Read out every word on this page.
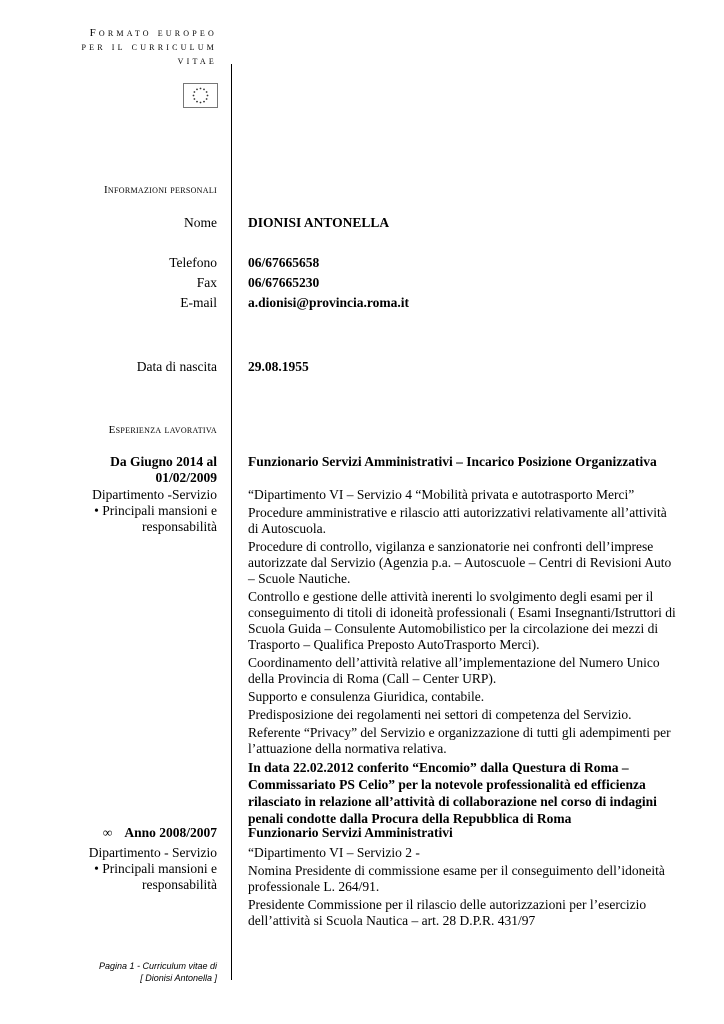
Formato europeo
per il curriculum
vitae
Informazioni personali
Nome DIONISI ANTONELLA
Telefono 06/67665658
Fax 06/67665230
E-mail a.dionisi@provincia.roma.it
Data di nascita 29.08.1955
Esperienza lavorativa
Da Giugno 2014 al
01/02/2009
Funzionario Servizi Amministrativi – Incarico Posizione Organizzativa
Dipartimento -Servizio
• Principali mansioni e
responsabilità

“Dipartimento VI – Servizio 4 “Mobilità privata e autotrasporto Merci”

Procedure amministrative e rilascio atti autorizzativi relativamente all’attività di Autoscuola.

Procedure di controllo, vigilanza e sanzionatorie nei confronti dell’imprese autorizzate dal Servizio (Agenzia p.a. – Autoscuole – Centri di Revisioni Auto – Scuole Nautiche.

Controllo e gestione delle attività inerenti lo svolgimento degli esami per il conseguimento di titoli di idoneità professionali ( Esami Insegnanti/Istruttori di Scuola Guida – Consulente Automobilistico per la circolazione dei mezzi di Trasporto – Qualifica Preposto AutoTrasporto Merci).

Coordinamento dell’attività relative all’implementazione del Numero Unico della Provincia di Roma (Call – Center URP).

Supporto e consulenza Giuridica, contabile.

Predisposizione dei regolamenti nei settori di competenza del Servizio.

Referente “Privacy” del Servizio e organizzazione di tutti gli adempimenti per l’attuazione della normativa relativa.

In data 22.02.2012 conferito “Encomio” dalla Questura di Roma – Commissariato PS Celio” per la notevole professionalità ed efficienza rilasciato in relazione all’attività di collaborazione nel corso di indagini penali condotte dalla Procura della Repubblica di Roma

∞ Anno 2008/2007 Funzionario Servizi Amministrativi
Dipartimento - Servizio
• Principali mansioni e
responsabilità

“Dipartimento VI – Servizio 2 -

Nomina Presidente di commissione esame per il conseguimento dell’idoneità professionale L. 264/91.

Presidente Commissione per il rilascio delle autorizzazioni per l’esercizio dell’attività si Scuola Nautica – art. 28 D.P.R. 431/97

Pagina 1 - Curriculum vitae di
[ Dionisi Antonella ]
